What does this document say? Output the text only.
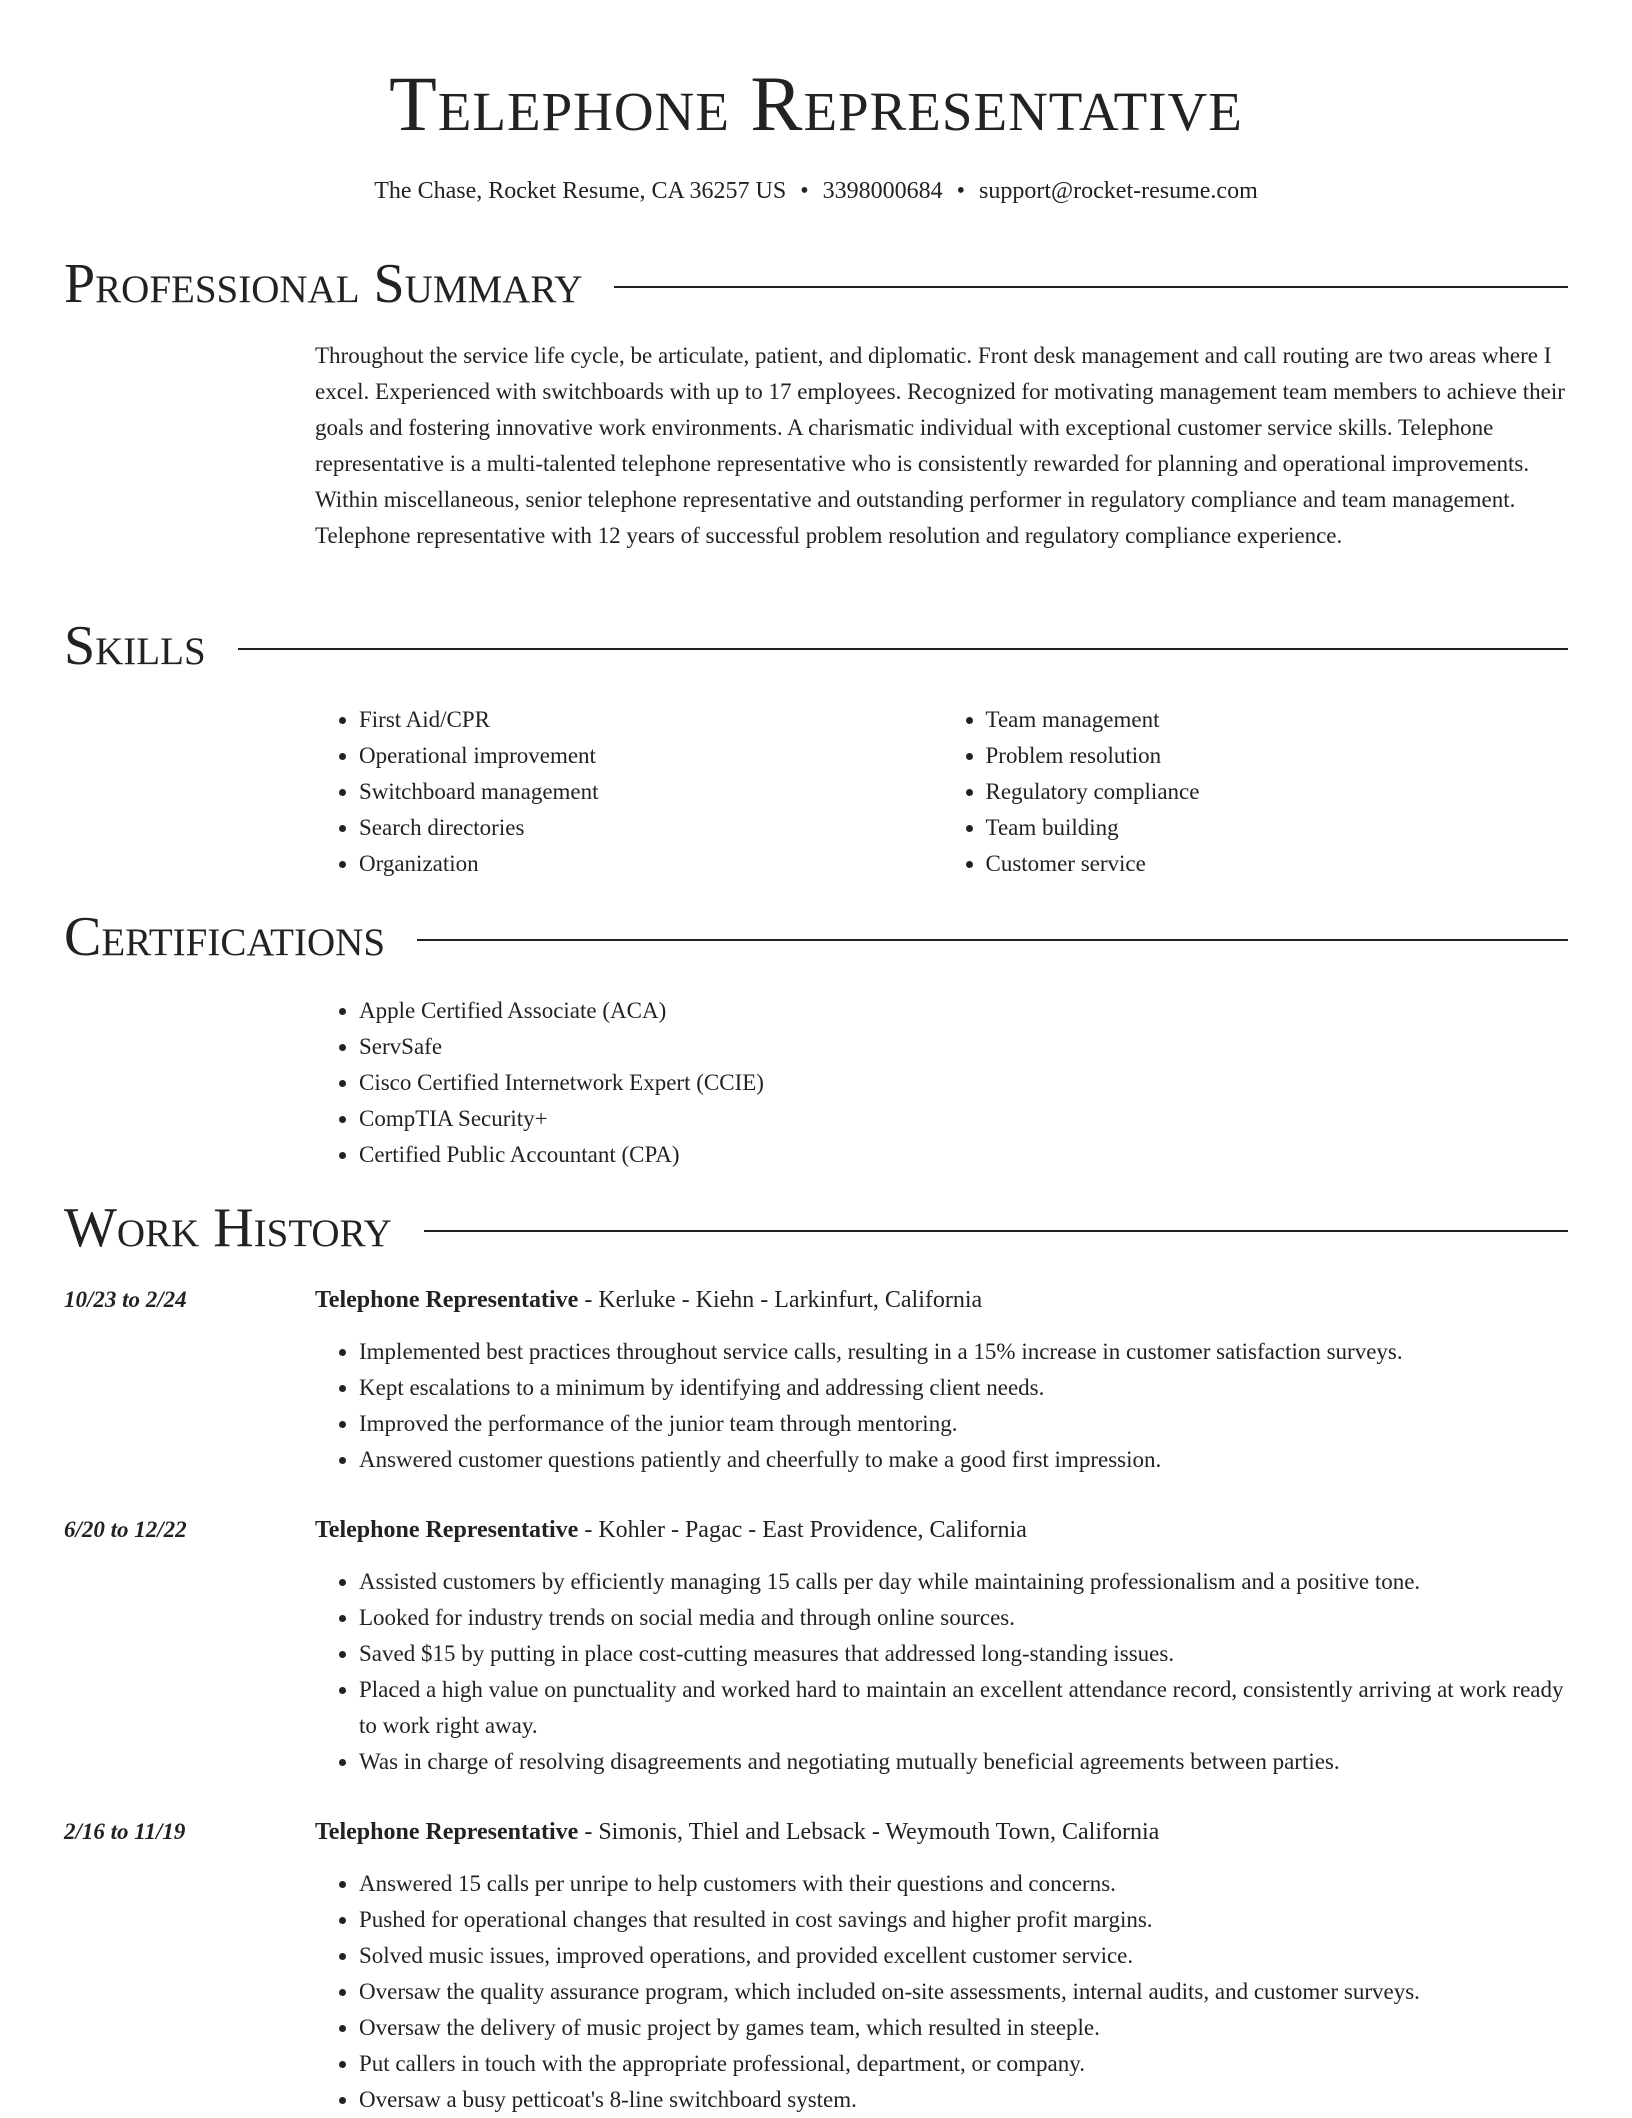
Telephone Representative

The Chase, Rocket Resume, CA 36257 US • 3398000684 • support@rocket-resume.com

Professional Summary

Throughout the service life cycle, be articulate, patient, and diplomatic. Front desk management and call routing are two areas where I excel. Experienced with switchboards with up to 17 employees. Recognized for motivating management team members to achieve their goals and fostering innovative work environments. A charismatic individual with exceptional customer service skills. Telephone representative is a multi-talented telephone representative who is consistently rewarded for planning and operational improvements. Within miscellaneous, senior telephone representative and outstanding performer in regulatory compliance and team management. Telephone representative with 12 years of successful problem resolution and regulatory compliance experience.

Skills
• First Aid/CPR
• Operational improvement
• Switchboard management
• Search directories
• Organization
• Team management
• Problem resolution
• Regulatory compliance
• Team building
• Customer service
Certifications
• Apple Certified Associate (ACA)
• ServSafe
• Cisco Certified Internetwork Expert (CCIE)
• CompTIA Security+
• Certified Public Accountant (CPA)
Work History
10/23 to 2/24	Telephone Representative - Kerluke - Kiehn - Larkinfurt, California
• Implemented best practices throughout service calls, resulting in a 15% increase in customer satisfaction surveys.
• Kept escalations to a minimum by identifying and addressing client needs.
• Improved the performance of the junior team through mentoring.
• Answered customer questions patiently and cheerfully to make a good first impression.
6/20 to 12/22	Telephone Representative - Kohler - Pagac - East Providence, California
• Assisted customers by efficiently managing 15 calls per day while maintaining professionalism and a positive tone.
• Looked for industry trends on social media and through online sources.
• Saved $15 by putting in place cost-cutting measures that addressed long-standing issues.
• Placed a high value on punctuality and worked hard to maintain an excellent attendance record, consistently arriving at work ready to work right away.
• Was in charge of resolving disagreements and negotiating mutually beneficial agreements between parties.
2/16 to 11/19	Telephone Representative - Simonis, Thiel and Lebsack - Weymouth Town, California
• Answered 15 calls per unripe to help customers with their questions and concerns.
• Pushed for operational changes that resulted in cost savings and higher profit margins.
• Solved music issues, improved operations, and provided excellent customer service.
• Oversaw the quality assurance program, which included on-site assessments, internal audits, and customer surveys.
• Oversaw the delivery of music project by games team, which resulted in steeple.
• Put callers in touch with the appropriate professional, department, or company.
• Oversaw a busy petticoat's 8-line switchboard system.
